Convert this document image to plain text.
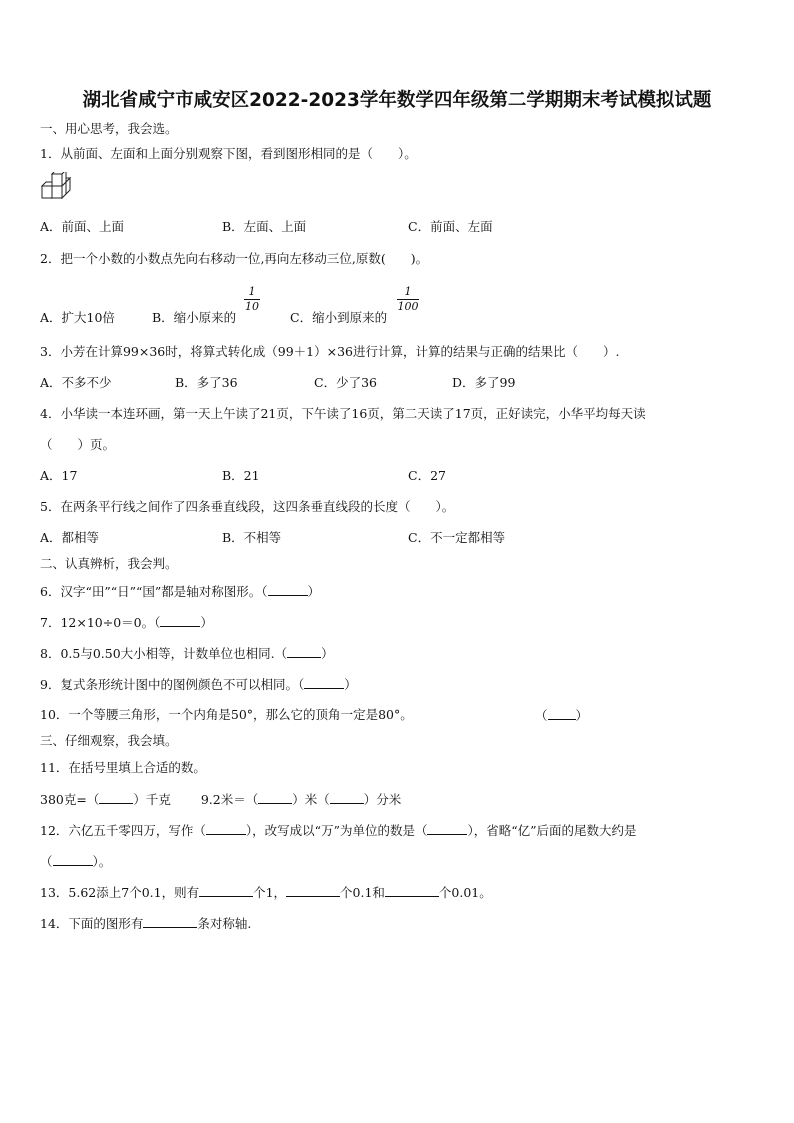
湖北省咸宁市咸安区2022-2023学年数学四年级第二学期期末考试模拟试题
一、用心思考，我会选。
1．从前面、左面和上面分别观察下图，看到图形相同的是（　　）。
A．前面、上面	B．左面、上面	C．前面、左面
2．把一个小数的小数点先向右移动一位,再向左移动三位,原数(　　)。
A．扩大10倍	B．缩小原来的
1
10
C．缩小到原来的
1
100
3．小芳在计算99×36时，将算式转化成（99＋1）×36进行计算，计算的结果与正确的结果比（　　）.
A．不多不少	B．多了36	C．少了36	D．多了99
4．小华读一本连环画，第一天上午读了21页，下午读了16页，第二天读了17页，正好读完，小华平均每天读
（　　）页。
A．17	B．21	C．27
5．在两条平行线之间作了四条垂直线段，这四条垂直线段的长度（　　）。
A．都相等	B．不相等	C．不一定都相等
二、认真辨析，我会判。
6．汉字“田”“日”“国”都是轴对称图形。（	）
7．12×10÷0＝0。（	）
8．0.5与0.50大小相等，计数单位也相同.（	）
9．复式条形统计图中的图例颜色不可以相同。（	）
10．一个等腰三角形，一个内角是50°，那么它的顶角一定是80°。	（ ）
三、仔细观察，我会填。
11．在括号里填上合适的数。
380克=（	）千克 9.2米＝（	）米（	）分米
12．六亿五千零四万，写作（	），改写成以“万”为单位的数是（	），省略“亿”后面的尾数大约是
（	）。
13．5.62添上7个0.1，则有	个1，	个0.1和	个0.01。
14．下面的图形有	条对称轴.
